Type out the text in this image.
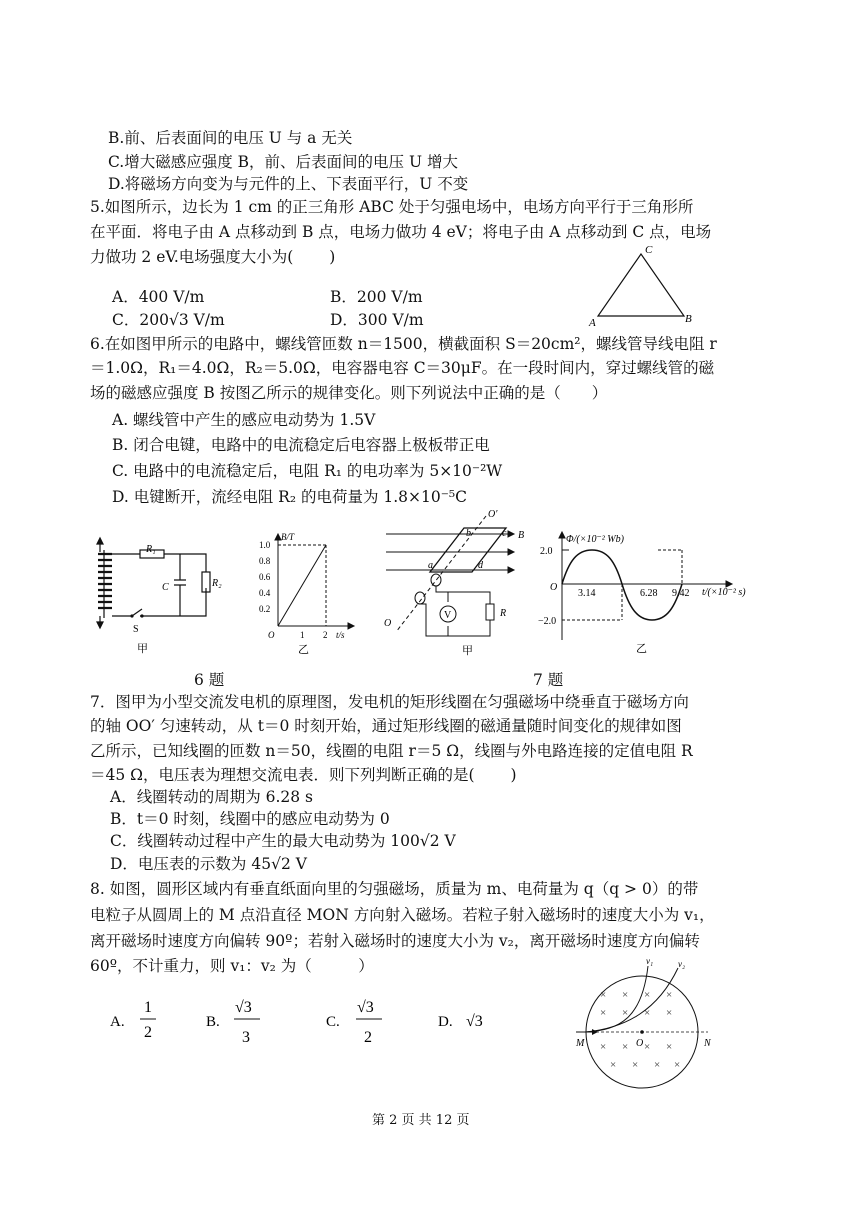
B.前、后表面间的电压 U 与 a 无关
C.增大磁感应强度 B，前、后表面间的电压 U 增大
D.将磁场方向变为与元件的上、下表面平行，U 不变
5.如图所示，边长为 1 cm 的正三角形 ABC 处于匀强电场中，电场方向平行于三角形所
在平面．将电子由 A 点移动到 B 点，电场力做功 4 eV；将电子由 A 点移动到 C 点，电场
力做功 2 eV.电场强度大小为(　　 )
A．400 V/m	B．200 V/m
C．200√3 V/m	D．300 V/m
C
A	B
6.在如图甲所示的电路中，螺线管匝数 n＝1500，横截面积 S＝20cm²，螺线管导线电阻 r
＝1.0Ω，R₁＝4.0Ω，R₂＝5.0Ω，电容器电容 C＝30μF。在一段时间内，穿过螺线管的磁
场的磁感应强度 B 按图乙所示的规律变化。则下列说法中正确的是（　　）
A. 螺线管中产生的感应电动势为 1.5V
B. 闭合电键，电路中的电流稳定后电容器上极板带正电
C. 电路中的电流稳定后，电阻 R₁ 的电功率为 5×10⁻²W
D. 电键断开，流经电阻 R₂ 的电荷量为 1.8×10⁻⁵C
R₁
R₂
C
S
甲
B/T
t/s
O
1.0
0.8
0.6
0.4
0.2
1 2
乙
V
O′
b	c B
a	d
R
O
甲
Φ/(×10⁻² Wb)
2.0
−2.0
O
3.14	6.28 9.42 t/(×10⁻² s)
乙
6 题	7 题
7．图甲为小型交流发电机的原理图，发电机的矩形线圈在匀强磁场中绕垂直于磁场方向
的轴 OO′ 匀速转动，从 t＝0 时刻开始，通过矩形线圈的磁通量随时间变化的规律如图
乙所示，已知线圈的匝数 n＝50，线圈的电阻 r＝5 Ω，线圈与外电路连接的定值电阻 R
＝45 Ω，电压表为理想交流电表．则下列判断正确的是(　　 )
A．线圈转动的周期为 6.28 s
B．t＝0 时刻，线圈中的感应电动势为 0
C．线圈转动过程中产生的最大电动势为 100√2 V
D．电压表的示数为 45√2 V
8. 如图，圆形区域内有垂直纸面向里的匀强磁场，质量为 m、电荷量为 q（q > 0）的带
电粒子从圆周上的 M 点沿直径 MON 方向射入磁场。若粒子射入磁场时的速度大小为 v₁，
离开磁场时速度方向偏转 90º；若射入磁场时的速度大小为 v₂，离开磁场时速度方向偏转
60º，不计重力，则 v₁：v₂ 为（　　　）
A.
1
2
B.
√3
3
C.
√3
2
D. √3
× × × ×
× × × ×
× × × ×
× × × ×
v₁	v₂
M	O	N
第 2 页 共 12 页
